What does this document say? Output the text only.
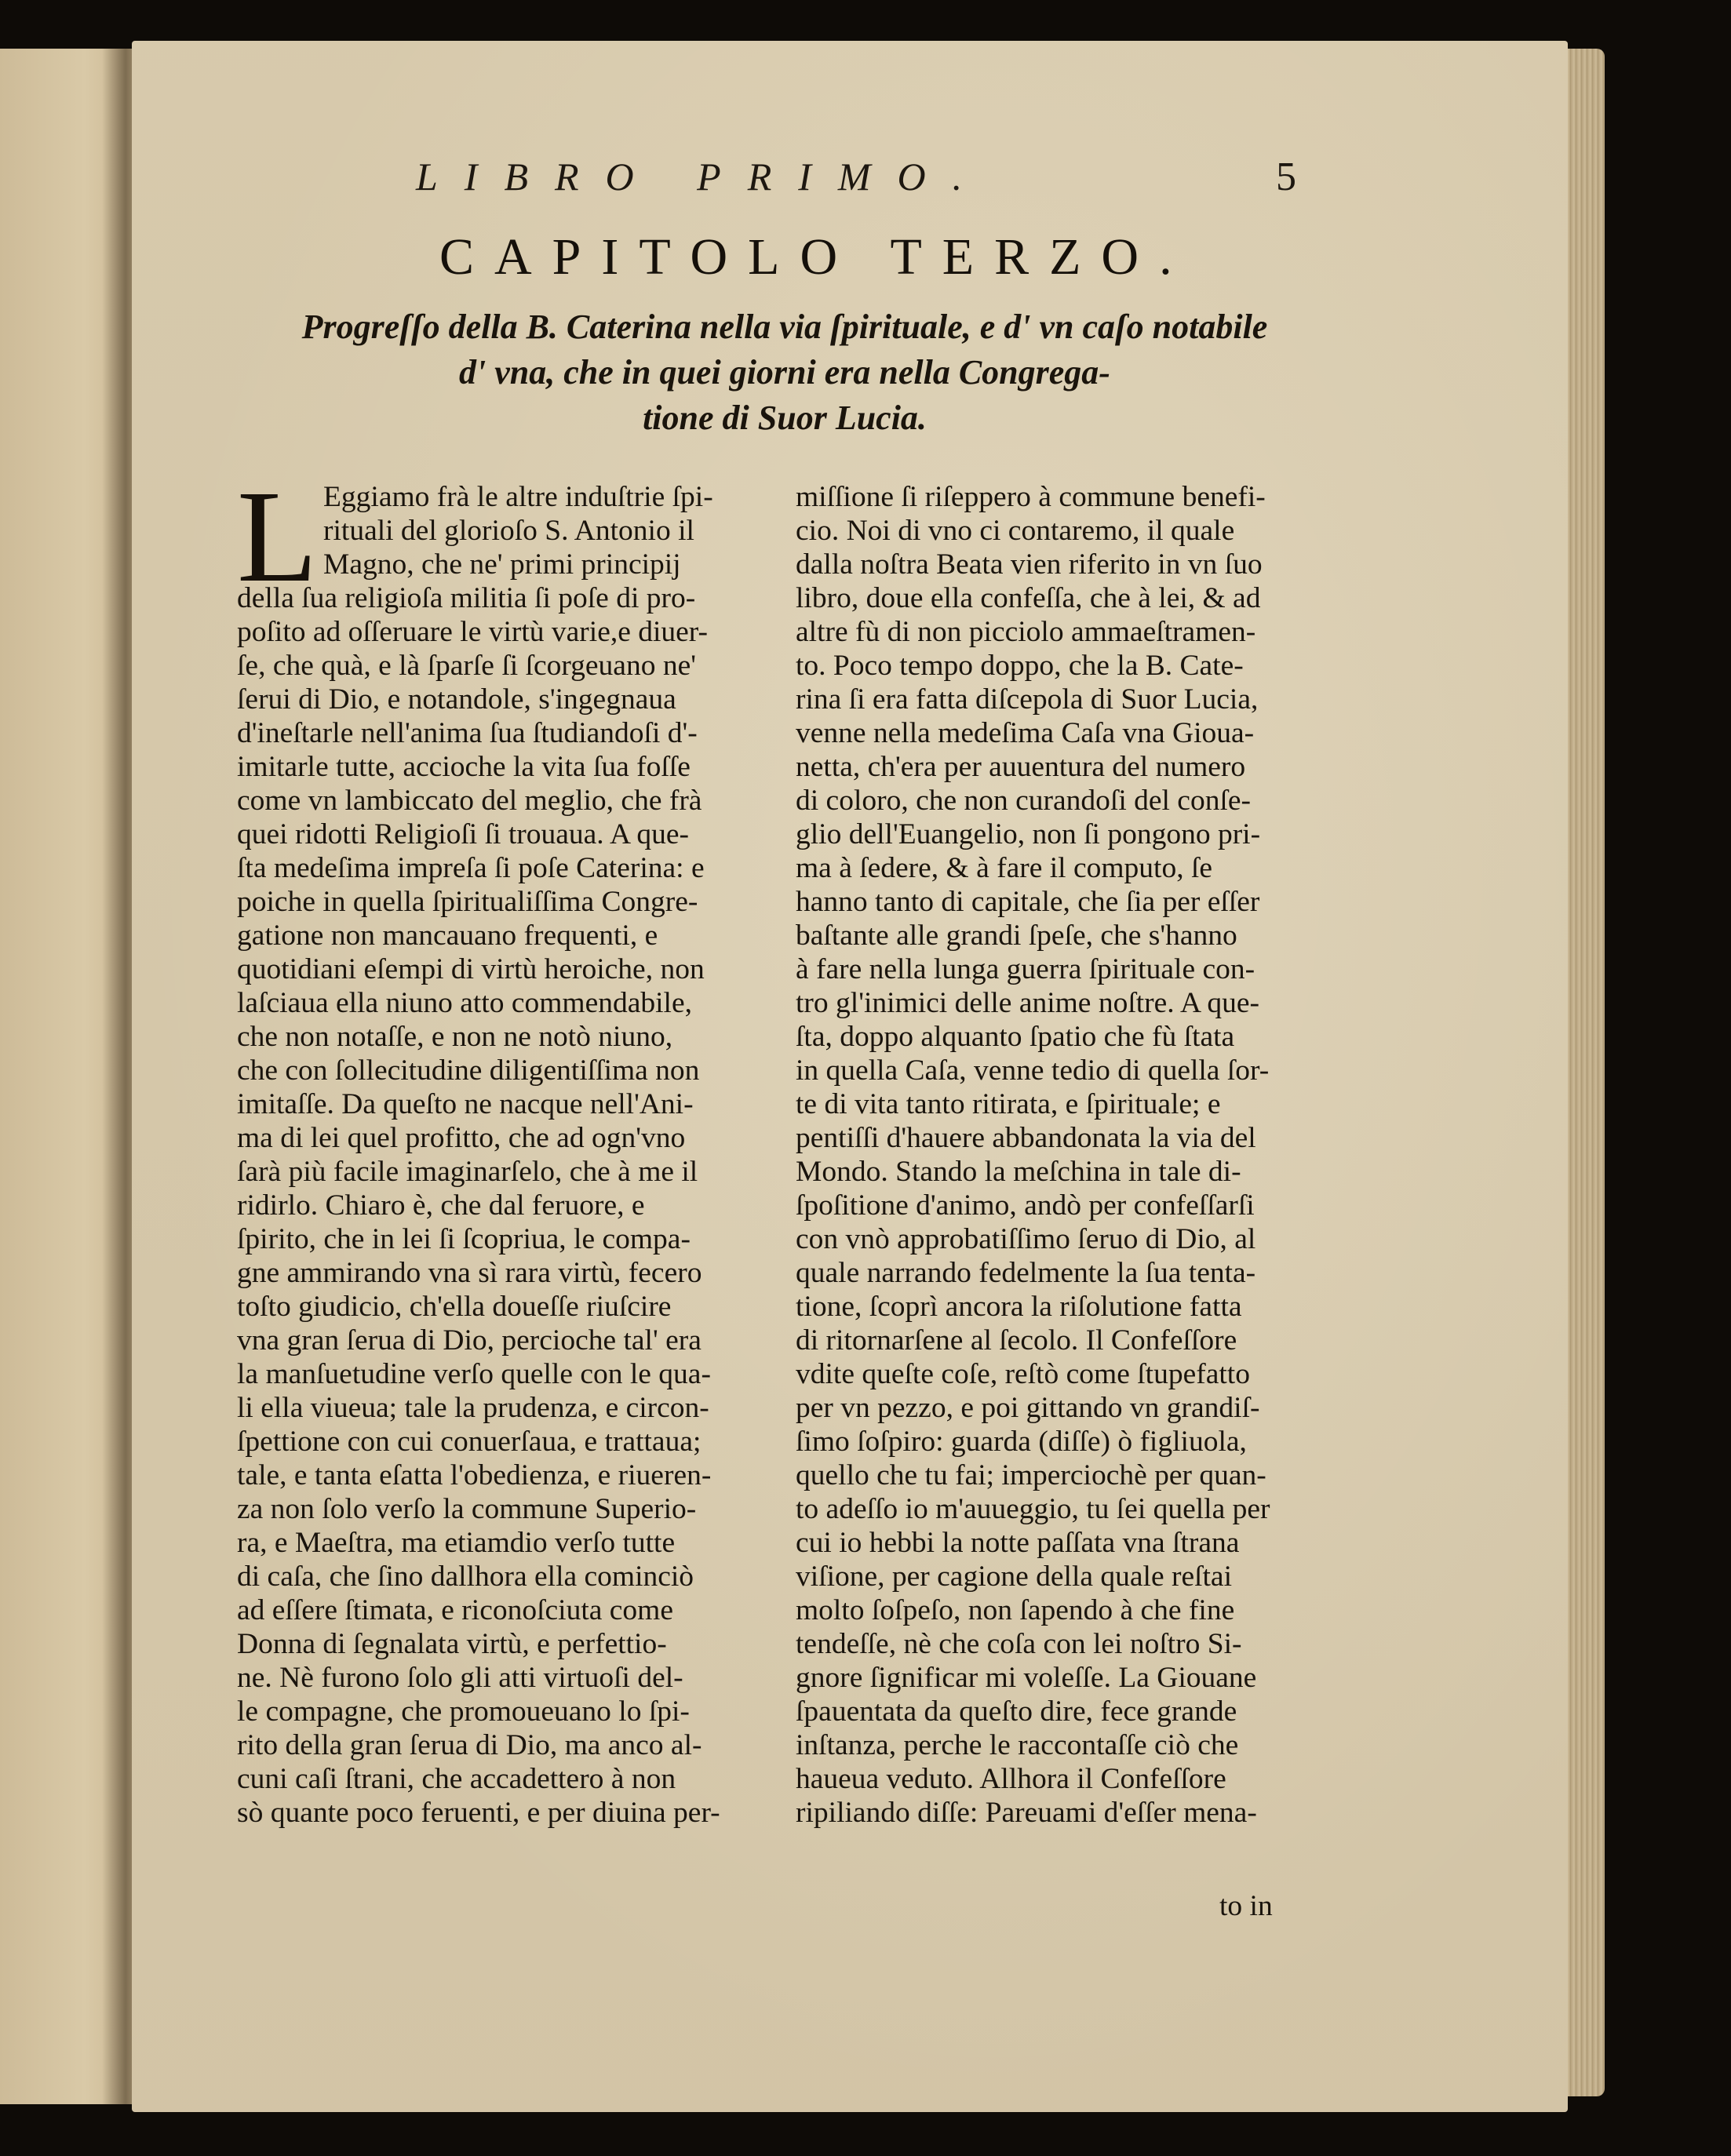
LIBRO PRIMO.	5
CAPITOLO TERZO.
Progreſſo della B. Caterina nella via ſpirituale, e d' vn caſo notabile
d' vna, che in quei giorni era nella Congrega-
tione di Suor Lucia.
L Eggiamo frà le altre induſtrie ſpi-
rituali del glorioſo S. Antonio il
Magno, che ne' primi principij
della ſua religioſa militia ſi poſe di pro-
poſito ad oſſeruare le virtù varie,e diuer-
ſe, che quà, e là ſparſe ſi ſcorgeuano ne'
ſerui di Dio, e notandole, s'ingegnaua
d'ineſtarle nell'anima ſua ſtudiandoſi d'-
imitarle tutte, accioche la vita ſua foſſe
come vn lambiccato del meglio, che frà
quei ridotti Religioſi ſi trouaua. A que-
ſta medeſima impreſa ſi poſe Caterina: e
poiche in quella ſpiritualiſſima Congre-
gatione non mancauano frequenti, e
quotidiani eſempi di virtù heroiche, non
laſciaua ella niuno atto commendabile,
che non notaſſe, e non ne notò niuno,
che con ſollecitudine diligentiſſima non
imitaſſe. Da queſto ne nacque nell'Ani-
ma di lei quel profitto, che ad ogn'vno
ſarà più facile imaginarſelo, che à me il
ridirlo. Chiaro è, che dal feruore, e
ſpirito, che in lei ſi ſcopriua, le compa-
gne ammirando vna sì rara virtù, fecero
toſto giudicio, ch'ella doueſſe riuſcire
vna gran ſerua di Dio, percioche tal' era
la manſuetudine verſo quelle con le qua-
li ella viueua; tale la prudenza, e circon-
ſpettione con cui conuerſaua, e trattaua;
tale, e tanta eſatta l'obedienza, e riueren-
za non ſolo verſo la commune Superio-
ra, e Maeſtra, ma etiamdio verſo tutte
di caſa, che ſino dallhora ella cominciò
ad eſſere ſtimata, e riconoſciuta come
Donna di ſegnalata virtù, e perfettio-
ne. Nè furono ſolo gli atti virtuoſi del-
le compagne, che promoueuano lo ſpi-
rito della gran ſerua di Dio, ma anco al-
cuni caſi ſtrani, che accadettero à non
sò quante poco feruenti, e per diuina per-
miſſione ſi riſeppero à commune benefi-
cio. Noi di vno ci contaremo, il quale
dalla noſtra Beata vien riferito in vn ſuo
libro, doue ella confeſſa, che à lei, & ad
altre fù di non picciolo ammaeſtramen-
to. Poco tempo doppo, che la B. Cate-
rina ſi era fatta diſcepola di Suor Lucia,
venne nella medeſima Caſa vna Gioua-
netta, ch'era per auuentura del numero
di coloro, che non curandoſi del conſe-
glio dell'Euangelio, non ſi pongono pri-
ma à ſedere, & à fare il computo, ſe
hanno tanto di capitale, che ſia per eſſer
baſtante alle grandi ſpeſe, che s'hanno
à fare nella lunga guerra ſpirituale con-
tro gl'inimici delle anime noſtre. A que-
ſta, doppo alquanto ſpatio che fù ſtata
in quella Caſa, venne tedio di quella ſor-
te di vita tanto ritirata, e ſpirituale; e
pentiſſi d'hauere abbandonata la via del
Mondo. Stando la meſchina in tale di-
ſpoſitione d'animo, andò per confeſſarſi
con vnò approbatiſſimo ſeruo di Dio, al
quale narrando fedelmente la ſua tenta-
tione, ſcoprì ancora la riſolutione fatta
di ritornarſene al ſecolo. Il Confeſſore
vdite queſte coſe, reſtò come ſtupefatto
per vn pezzo, e poi gittando vn grandiſ-
ſimo ſoſpiro: guarda (diſſe) ò figliuola,
quello che tu fai; imperciochè per quan-
to adeſſo io m'auueggio, tu ſei quella per
cui io hebbi la notte paſſata vna ſtrana
viſione, per cagione della quale reſtai
molto ſoſpeſo, non ſapendo à che fine
tendeſſe, nè che coſa con lei noſtro Si-
gnore ſignificar mi voleſſe. La Giouane
ſpauentata da queſto dire, fece grande
inſtanza, perche le raccontaſſe ciò che
haueua veduto. Allhora il Confeſſore
ripiliando diſſe: Pareuami d'eſſer mena-
to in
